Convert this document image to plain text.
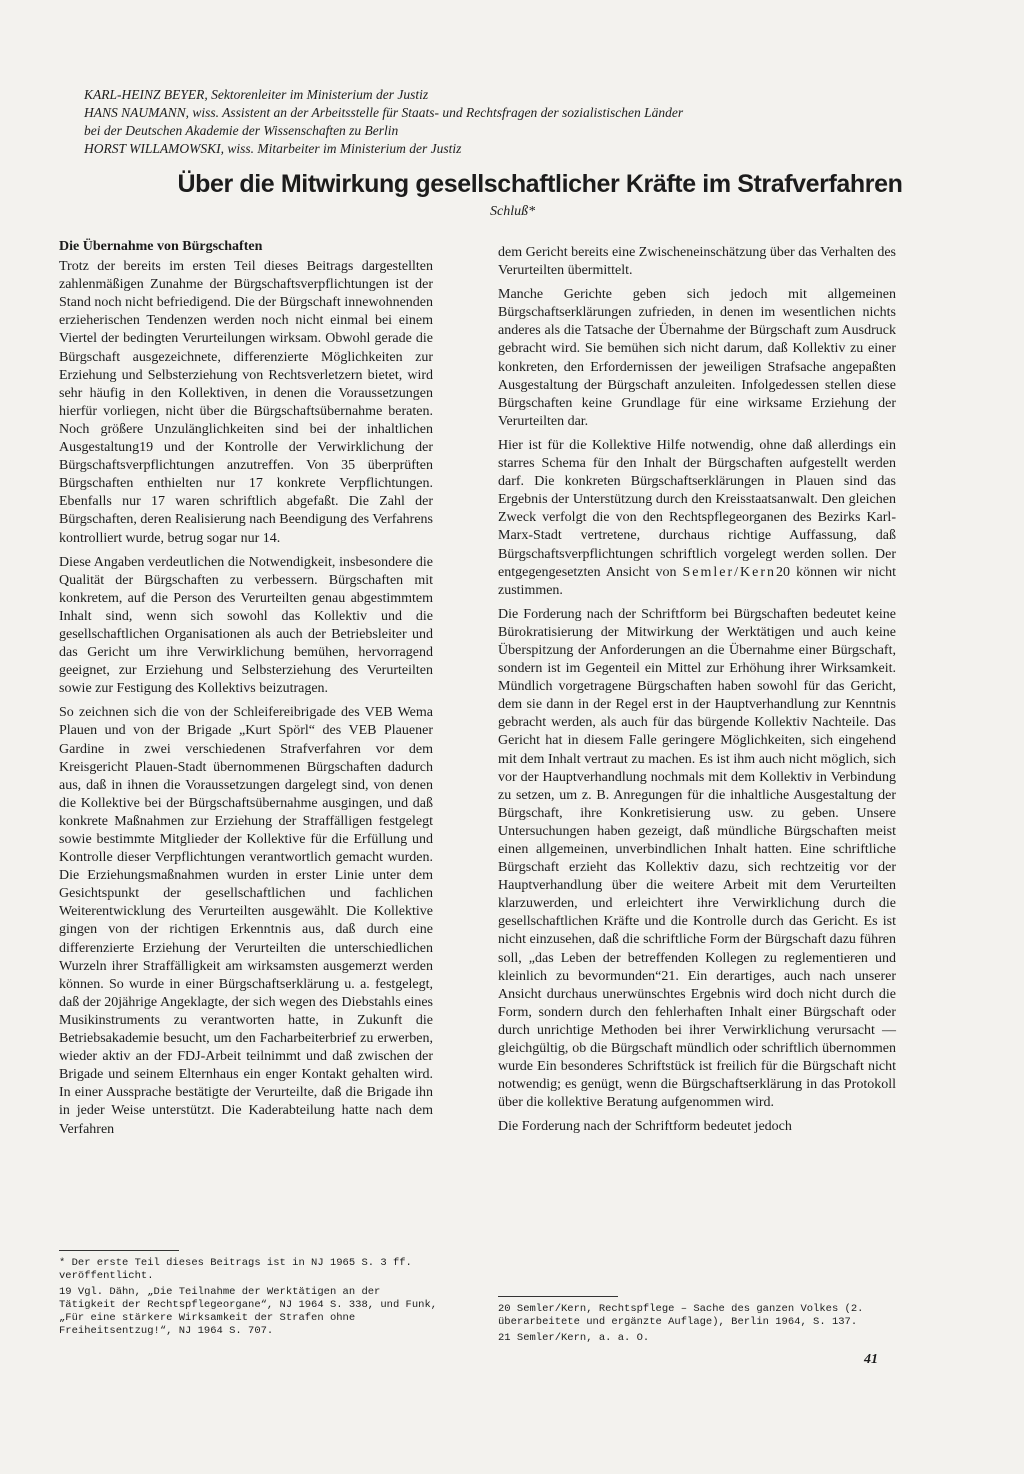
KARL-HEINZ BEYER, Sektorenleiter im Ministerium der Justiz
HANS NAUMANN, wiss. Assistent an der Arbeitsstelle für Staats- und Rechtsfragen der sozialistischen Länder
bei der Deutschen Akademie der Wissenschaften zu Berlin
HORST WILLAMOWSKI, wiss. Mitarbeiter im Ministerium der Justiz
Über die Mitwirkung gesellschaftlicher Kräfte im Strafverfahren
Schluß*
Die Übernahme von Bürgschaften

Trotz der bereits im ersten Teil dieses Beitrags dargestellten zahlenmäßigen Zunahme der Bürgschaftsverpflichtungen ist der Stand noch nicht befriedigend. Die der Bürgschaft innewohnenden erzieherischen Tendenzen werden noch nicht einmal bei einem Viertel der bedingten Verurteilungen wirksam. Obwohl gerade die Bürgschaft ausgezeichnete, differenzierte Möglichkeiten zur Erziehung und Selbsterziehung von Rechtsverletzern bietet, wird sehr häufig in den Kollektiven, in denen die Voraussetzungen hierfür vorliegen, nicht über die Bürgschaftsübernahme beraten. Noch größere Unzulänglichkeiten sind bei der inhaltlichen Ausgestaltung19 und der Kontrolle der Verwirklichung der Bürgschaftsverpflichtungen anzutreffen. Von 35 überprüften Bürgschaften enthielten nur 17 konkrete Verpflichtungen. Ebenfalls nur 17 waren schriftlich abgefaßt. Die Zahl der Bürgschaften, deren Realisierung nach Beendigung des Verfahrens kontrolliert wurde, betrug sogar nur 14.

Diese Angaben verdeutlichen die Notwendigkeit, insbesondere die Qualität der Bürgschaften zu verbessern. Bürgschaften mit konkretem, auf die Person des Verurteilten genau abgestimmtem Inhalt sind, wenn sich sowohl das Kollektiv und die gesellschaftlichen Organisationen als auch der Betriebsleiter und das Gericht um ihre Verwirklichung bemühen, hervorragend geeignet, zur Erziehung und Selbsterziehung des Verurteilten sowie zur Festigung des Kollektivs beizutragen.

So zeichnen sich die von der Schleifereibrigade des VEB Wema Plauen und von der Brigade „Kurt Spörl“ des VEB Plauener Gardine in zwei verschiedenen Strafverfahren vor dem Kreisgericht Plauen-Stadt übernommenen Bürgschaften dadurch aus, daß in ihnen die Voraussetzungen dargelegt sind, von denen die Kollektive bei der Bürgschaftsübernahme ausgingen, und daß konkrete Maßnahmen zur Erziehung der Straffälligen festgelegt sowie bestimmte Mitglieder der Kollektive für die Erfüllung und Kontrolle dieser Verpflichtungen verantwortlich gemacht wurden. Die Erziehungsmaßnahmen wurden in erster Linie unter dem Gesichtspunkt der gesellschaftlichen und fachlichen Weiterentwicklung des Verurteilten ausgewählt. Die Kollektive gingen von der richtigen Erkenntnis aus, daß durch eine differenzierte Erziehung der Verurteilten die unterschiedlichen Wurzeln ihrer Straffälligkeit am wirksamsten ausgemerzt werden können. So wurde in einer Bürgschaftserklärung u. a. festgelegt, daß der 20jährige Angeklagte, der sich wegen des Diebstahls eines Musikinstruments zu verantworten hatte, in Zukunft die Betriebsakademie besucht, um den Facharbeiterbrief zu erwerben, wieder aktiv an der FDJ-Arbeit teilnimmt und daß zwischen der Brigade und seinem Elternhaus ein enger Kontakt gehalten wird. In einer Aussprache bestätigte der Verurteilte, daß die Brigade ihn in jeder Weise unterstützt. Die Kaderabteilung hatte nach dem Verfahren

dem Gericht bereits eine Zwischeneinschätzung über das Verhalten des Verurteilten übermittelt.

Manche Gerichte geben sich jedoch mit allgemeinen Bürgschaftserklärungen zufrieden, in denen im wesentlichen nichts anderes als die Tatsache der Übernahme der Bürgschaft zum Ausdruck gebracht wird. Sie bemühen sich nicht darum, daß Kollektiv zu einer konkreten, den Erfordernissen der jeweiligen Strafsache angepaßten Ausgestaltung der Bürgschaft anzuleiten. Infolgedessen stellen diese Bürgschaften keine Grundlage für eine wirksame Erziehung der Verurteilten dar.

Hier ist für die Kollektive Hilfe notwendig, ohne daß allerdings ein starres Schema für den Inhalt der Bürgschaften aufgestellt werden darf. Die konkreten Bürgschaftserklärungen in Plauen sind das Ergebnis der Unterstützung durch den Kreisstaatsanwalt. Den gleichen Zweck verfolgt die von den Rechtspflegeorganen des Bezirks Karl-Marx-Stadt vertretene, durchaus richtige Auffassung, daß Bürgschaftsverpflichtungen schriftlich vorgelegt werden sollen. Der entgegengesetzten Ansicht von Semler/Kern20 können wir nicht zustimmen.

Die Forderung nach der Schriftform bei Bürgschaften bedeutet keine Bürokratisierung der Mitwirkung der Werktätigen und auch keine Überspitzung der Anforderungen an die Übernahme einer Bürgschaft, sondern ist im Gegenteil ein Mittel zur Erhöhung ihrer Wirksamkeit. Mündlich vorgetragene Bürgschaften haben sowohl für das Gericht, dem sie dann in der Regel erst in der Hauptverhandlung zur Kenntnis gebracht werden, als auch für das bürgende Kollektiv Nachteile. Das Gericht hat in diesem Falle geringere Möglichkeiten, sich eingehend mit dem Inhalt vertraut zu machen. Es ist ihm auch nicht möglich, sich vor der Hauptverhandlung nochmals mit dem Kollektiv in Verbindung zu setzen, um z. B. Anregungen für die inhaltliche Ausgestaltung der Bürgschaft, ihre Konkretisierung usw. zu geben. Unsere Untersuchungen haben gezeigt, daß mündliche Bürgschaften meist einen allgemeinen, unverbindlichen Inhalt hatten. Eine schriftliche Bürgschaft erzieht das Kollektiv dazu, sich rechtzeitig vor der Hauptverhandlung über die weitere Arbeit mit dem Verurteilten klarzuwerden, und erleichtert ihre Verwirklichung durch die gesellschaftlichen Kräfte und die Kontrolle durch das Gericht. Es ist nicht einzusehen, daß die schriftliche Form der Bürgschaft dazu führen soll, „das Leben der betreffenden Kollegen zu reglementieren und kleinlich zu bevormunden“21. Ein derartiges, auch nach unserer Ansicht durchaus unerwünschtes Ergebnis wird doch nicht durch die Form, sondern durch den fehlerhaften Inhalt einer Bürgschaft oder durch unrichtige Methoden bei ihrer Verwirklichung verursacht — gleichgültig, ob die Bürgschaft mündlich oder schriftlich übernommen wurde Ein besonderes Schriftstück ist freilich für die Bürgschaft nicht notwendig; es genügt, wenn die Bürgschaftserklärung in das Protokoll über die kollektive Beratung aufgenommen wird.

Die Forderung nach der Schriftform bedeutet jedoch

* Der erste Teil dieses Beitrags ist in NJ 1965 S. 3 ff. veröffentlicht.

19 Vgl. Dähn, „Die Teilnahme der Werktätigen an der Tätigkeit der Rechtspflegeorgane“, NJ 1964 S. 338, und Funk, „Für eine stärkere Wirksamkeit der Strafen ohne Freiheitsentzug!“, NJ 1964 S. 707.

20 Semler/Kern, Rechtspflege – Sache des ganzen Volkes (2. überarbeitete und ergänzte Auflage), Berlin 1964, S. 137.

21 Semler/Kern, a. a. O.

41
